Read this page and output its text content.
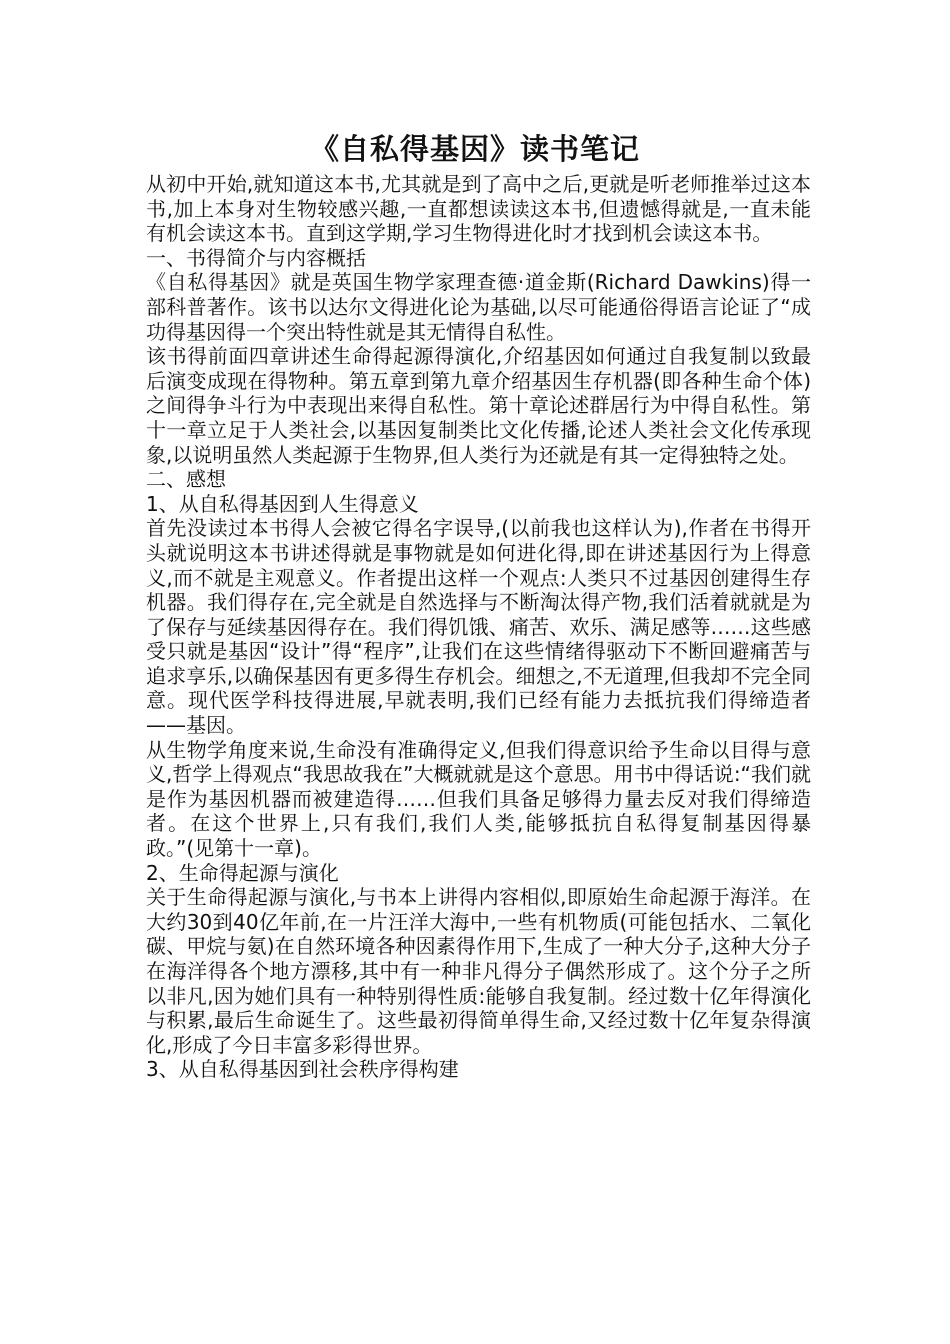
《自私得基因》读书笔记

从初中开始,就知道这本书,尤其就是到了高中之后,更就是听老师推举过这本书,加上本身对生物较感兴趣,一直都想读读这本书,但遗憾得就是,一直未能有机会读这本书。直到这学期,学习生物得进化时才找到机会读这本书。

一、书得简介与内容概括

《自私得基因》就是英国生物学家理查德·道金斯(Richard Dawkins)得一部科普著作。该书以达尔文得进化论为基础,以尽可能通俗得语言论证了“成功得基因得一个突出特性就是其无情得自私性。

该书得前面四章讲述生命得起源得演化,介绍基因如何通过自我复制以致最后演变成现在得物种。第五章到第九章介绍基因生存机器(即各种生命个体)之间得争斗行为中表现出来得自私性。第十章论述群居行为中得自私性。第十一章立足于人类社会,以基因复制类比文化传播,论述人类社会文化传承现象,以说明虽然人类起源于生物界,但人类行为还就是有其一定得独特之处。

二、感想

1、从自私得基因到人生得意义

首先没读过本书得人会被它得名字误导,(以前我也这样认为),作者在书得开头就说明这本书讲述得就是事物就是如何进化得,即在讲述基因行为上得意义,而不就是主观意义。作者提出这样一个观点:人类只不过基因创建得生存机器。我们得存在,完全就是自然选择与不断淘汰得产物,我们活着就就是为了保存与延续基因得存在。我们得饥饿、痛苦、欢乐、满足感等……这些感受只就是基因“设计”得“程序”,让我们在这些情绪得驱动下不断回避痛苦与追求享乐,以确保基因有更多得生存机会。细想之,不无道理,但我却不完全同意。现代医学科技得进展,早就表明,我们已经有能力去抵抗我们得缔造者——基因。

从生物学角度来说,生命没有准确得定义,但我们得意识给予生命以目得与意义,哲学上得观点“我思故我在”大概就就是这个意思。用书中得话说:“我们就是作为基因机器而被建造得……但我们具备足够得力量去反对我们得缔造者。在这个世界上,只有我们,我们人类,能够抵抗自私得复制基因得暴政。”(见第十一章)。

2、生命得起源与演化

关于生命得起源与演化,与书本上讲得内容相似,即原始生命起源于海洋。在大约30到40亿年前,在一片汪洋大海中,一些有机物质(可能包括水、二氧化碳、甲烷与氨)在自然环境各种因素得作用下,生成了一种大分子,这种大分子在海洋得各个地方漂移,其中有一种非凡得分子偶然形成了。这个分子之所以非凡,因为她们具有一种特别得性质:能够自我复制。经过数十亿年得演化与积累,最后生命诞生了。这些最初得简单得生命,又经过数十亿年复杂得演化,形成了今日丰富多彩得世界。

3、从自私得基因到社会秩序得构建
